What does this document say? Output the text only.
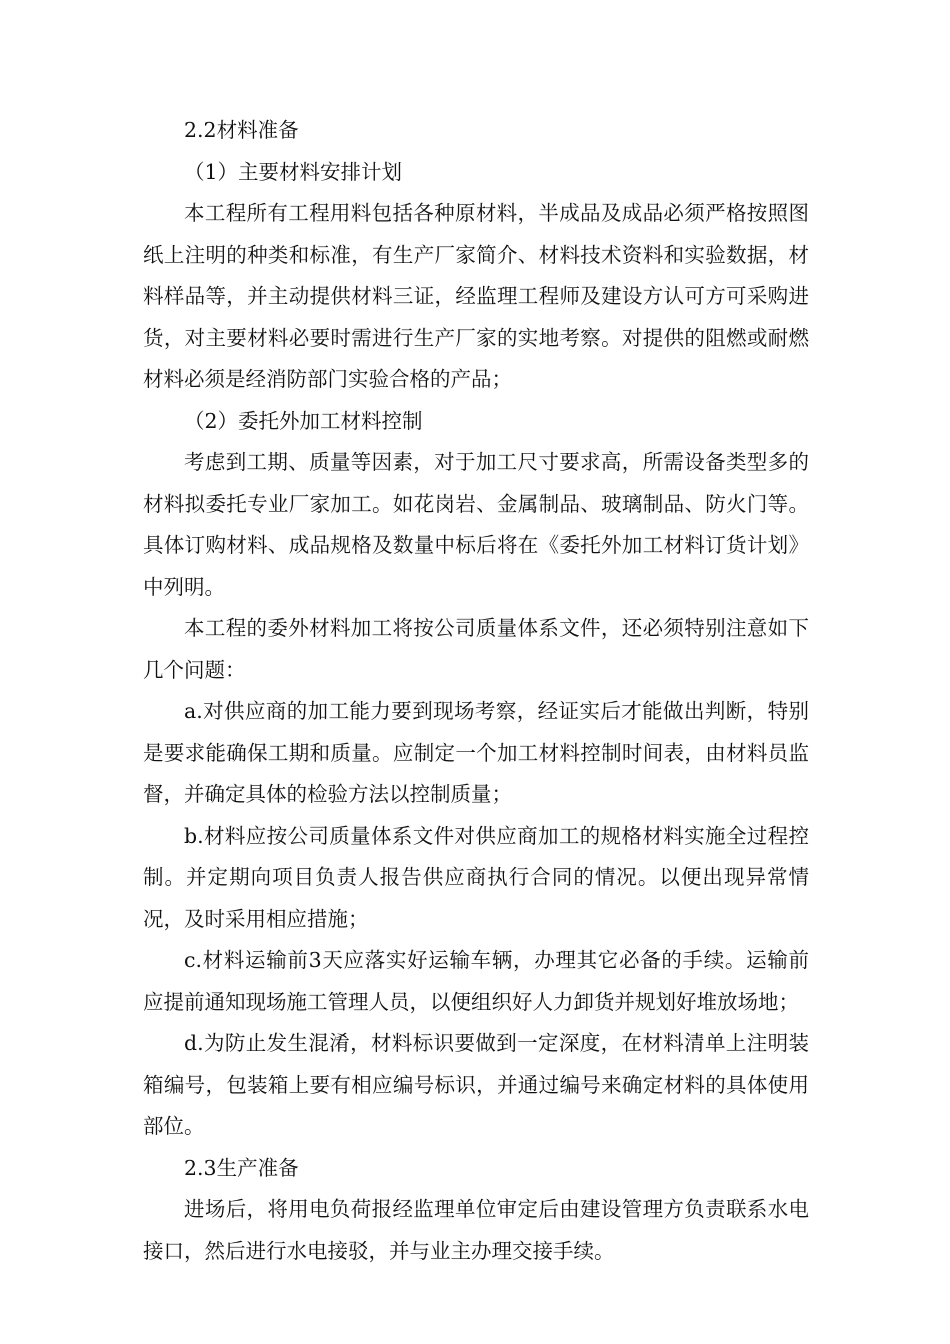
2.2材料准备

（1）主要材料安排计划

本工程所有工程用料包括各种原材料，半成品及成品必须严格按照图纸上注明的种类和标准，有生产厂家简介、材料技术资料和实验数据，材料样品等，并主动提供材料三证，经监理工程师及建设方认可方可采购进货，对主要材料必要时需进行生产厂家的实地考察。对提供的阻燃或耐燃材料必须是经消防部门实验合格的产品；

（2）委托外加工材料控制

考虑到工期、质量等因素，对于加工尺寸要求高，所需设备类型多的材料拟委托专业厂家加工。如花岗岩、金属制品、玻璃制品、防火门等。具体订购材料、成品规格及数量中标后将在《委托外加工材料订货计划》中列明。

本工程的委外材料加工将按公司质量体系文件，还必须特别注意如下几个问题：

a.对供应商的加工能力要到现场考察，经证实后才能做出判断，特别是要求能确保工期和质量。应制定一个加工材料控制时间表，由材料员监督，并确定具体的检验方法以控制质量；

b.材料应按公司质量体系文件对供应商加工的规格材料实施全过程控制。并定期向项目负责人报告供应商执行合同的情况。以便出现异常情况，及时采用相应措施；

c.材料运输前3天应落实好运输车辆，办理其它必备的手续。运输前应提前通知现场施工管理人员，以便组织好人力卸货并规划好堆放场地；

d.为防止发生混淆，材料标识要做到一定深度，在材料清单上注明装箱编号，包装箱上要有相应编号标识，并通过编号来确定材料的具体使用部位。

2.3生产准备

进场后，将用电负荷报经监理单位审定后由建设管理方负责联系水电接口，然后进行水电接驳，并与业主办理交接手续。
